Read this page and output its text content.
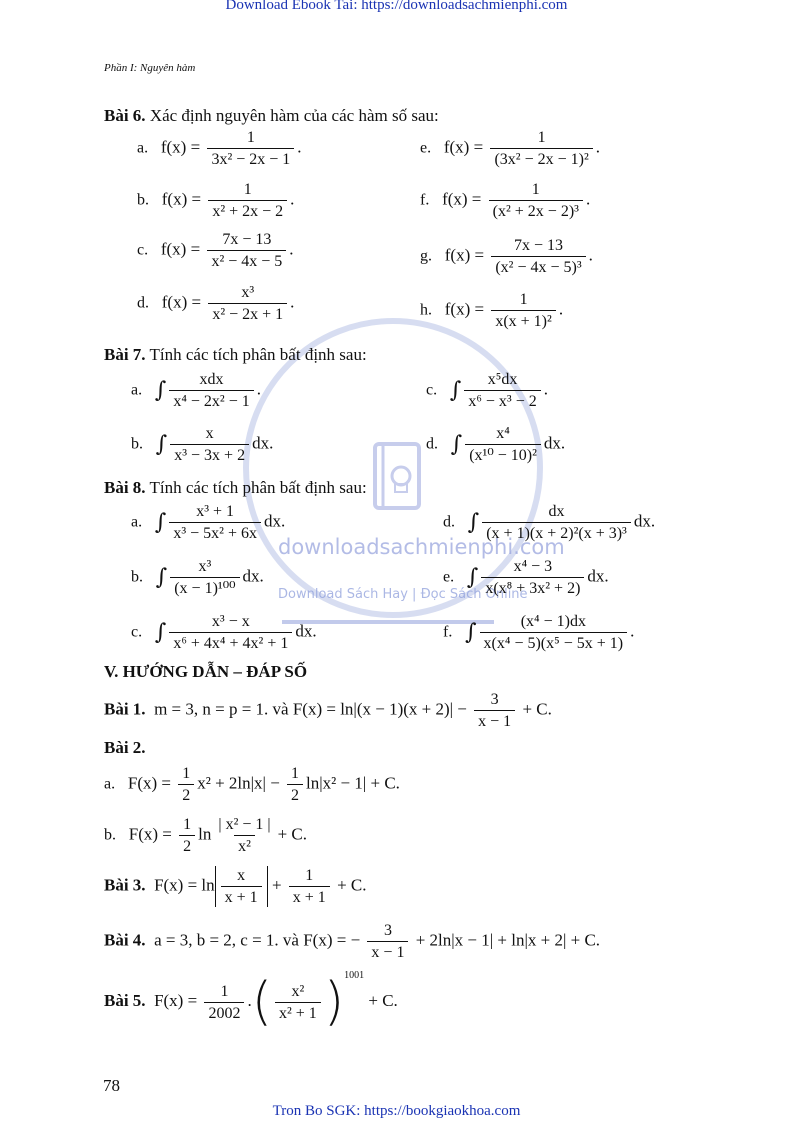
Download Ebook Tai: https://downloadsachmienphi.com
Phần I: Nguyên hàm
downloadsachmienphi.com
Download Sách Hay | Đọc Sách Online
Bài 6. Xác định nguyên hàm của các hàm số sau:
a. $f(x) = \frac{1}{\text{3x² − 2x − 1}}$ .	e. $f(x) = \frac{1}{\text{(3x² − 2x − 1)²}}$ .
b. $f(x) = \frac{1}{\text{x² + 2x − 2}}$ .	f. $f(x) = \frac{1}{\text{(x² + 2x − 2)³}}$ .
c. $f(x) = \frac{7x - 13}{\text{x² − 4x − 5}}$ .	g. $f(x) = \frac{7x - 13}{\text{(x² − 4x − 5)³}}$ .
d. $f(x) = \frac{\text{x³}}{\text{x² − 2x + 1}}$ .	h. $f(x) = \frac{1}{\text{x(x + 1)²}}$ .
Bài 7. Tính các tích phân bất định sau:
a. ∫ $\frac{\text{xdx}}{\text{x⁴ − 2x² − 1}}$ .	c. ∫ $\frac{\text{x⁵dx}}{\text{x⁶ − x³ − 2}}$ .
b. ∫ $\frac{x}{\text{x³ − 3x + 2}}$ dx.	d. ∫ $\frac{\text{x⁴}}{\text{(x¹⁰ − 10)²}}$ dx.
Bài 8. Tính các tích phân bất định sau:
a. ∫ $\frac{\text{x³ + 1}}{\text{x³ − 5x² + 6x}}$ dx.	d. ∫ $\frac{dx}{\text{(x + 1)(x + 2)²(x + 3)³}}$ dx.
b. ∫ $\frac{\text{x³}}{\text{(x − 1)¹⁰⁰}}$ dx.	e. ∫ $\frac{\text{x⁴ − 3}}{\text{x(x⁸ + 3x² + 2)}}$ dx.
c. ∫ $\frac{\text{x³ − x}}{\text{x⁶ + 4x⁴ + 4x² + 1}}$ dx.	f. ∫ $\frac{\text{(x⁴ − 1)dx}}{\text{x(x⁴ − 5)(x⁵ − 5x + 1)}}$ .
V. HƯỚNG DẪN – ĐÁP SỐ
Bài 1. m = 3, n = p = 1. và $F(x) = \ln|(x - 1)(x + 2)| - \frac{3}{x - 1} + C$.
Bài 2.
a. $F(x) = \frac{1}{2} x^2 + 2\ln|x| - \frac{1}{2} \ln|x^2 - 1| + C$.
b. $F(x) = \frac{1}{2}$ $\ln \frac{\text{| x² − 1 |}}{\text{x²}} + C$.
Bài 3. $F(x) = \ln \frac{x}{x + 1} + \frac{1}{x + 1} + C$.
Bài 4. a = 3, b = 2, c = 1. và F(x) = − $\frac{3}{x - 1} + 2\ln|x - 1| + \ln|x + 2| + C$.
Bài 5. $F(x) = \frac{1}{2002}$ .( $\frac{\text{x²}}{\text{x² + 1}} )^{1001} + C$.
78
Tron Bo SGK: https://bookgiaokhoa.com
